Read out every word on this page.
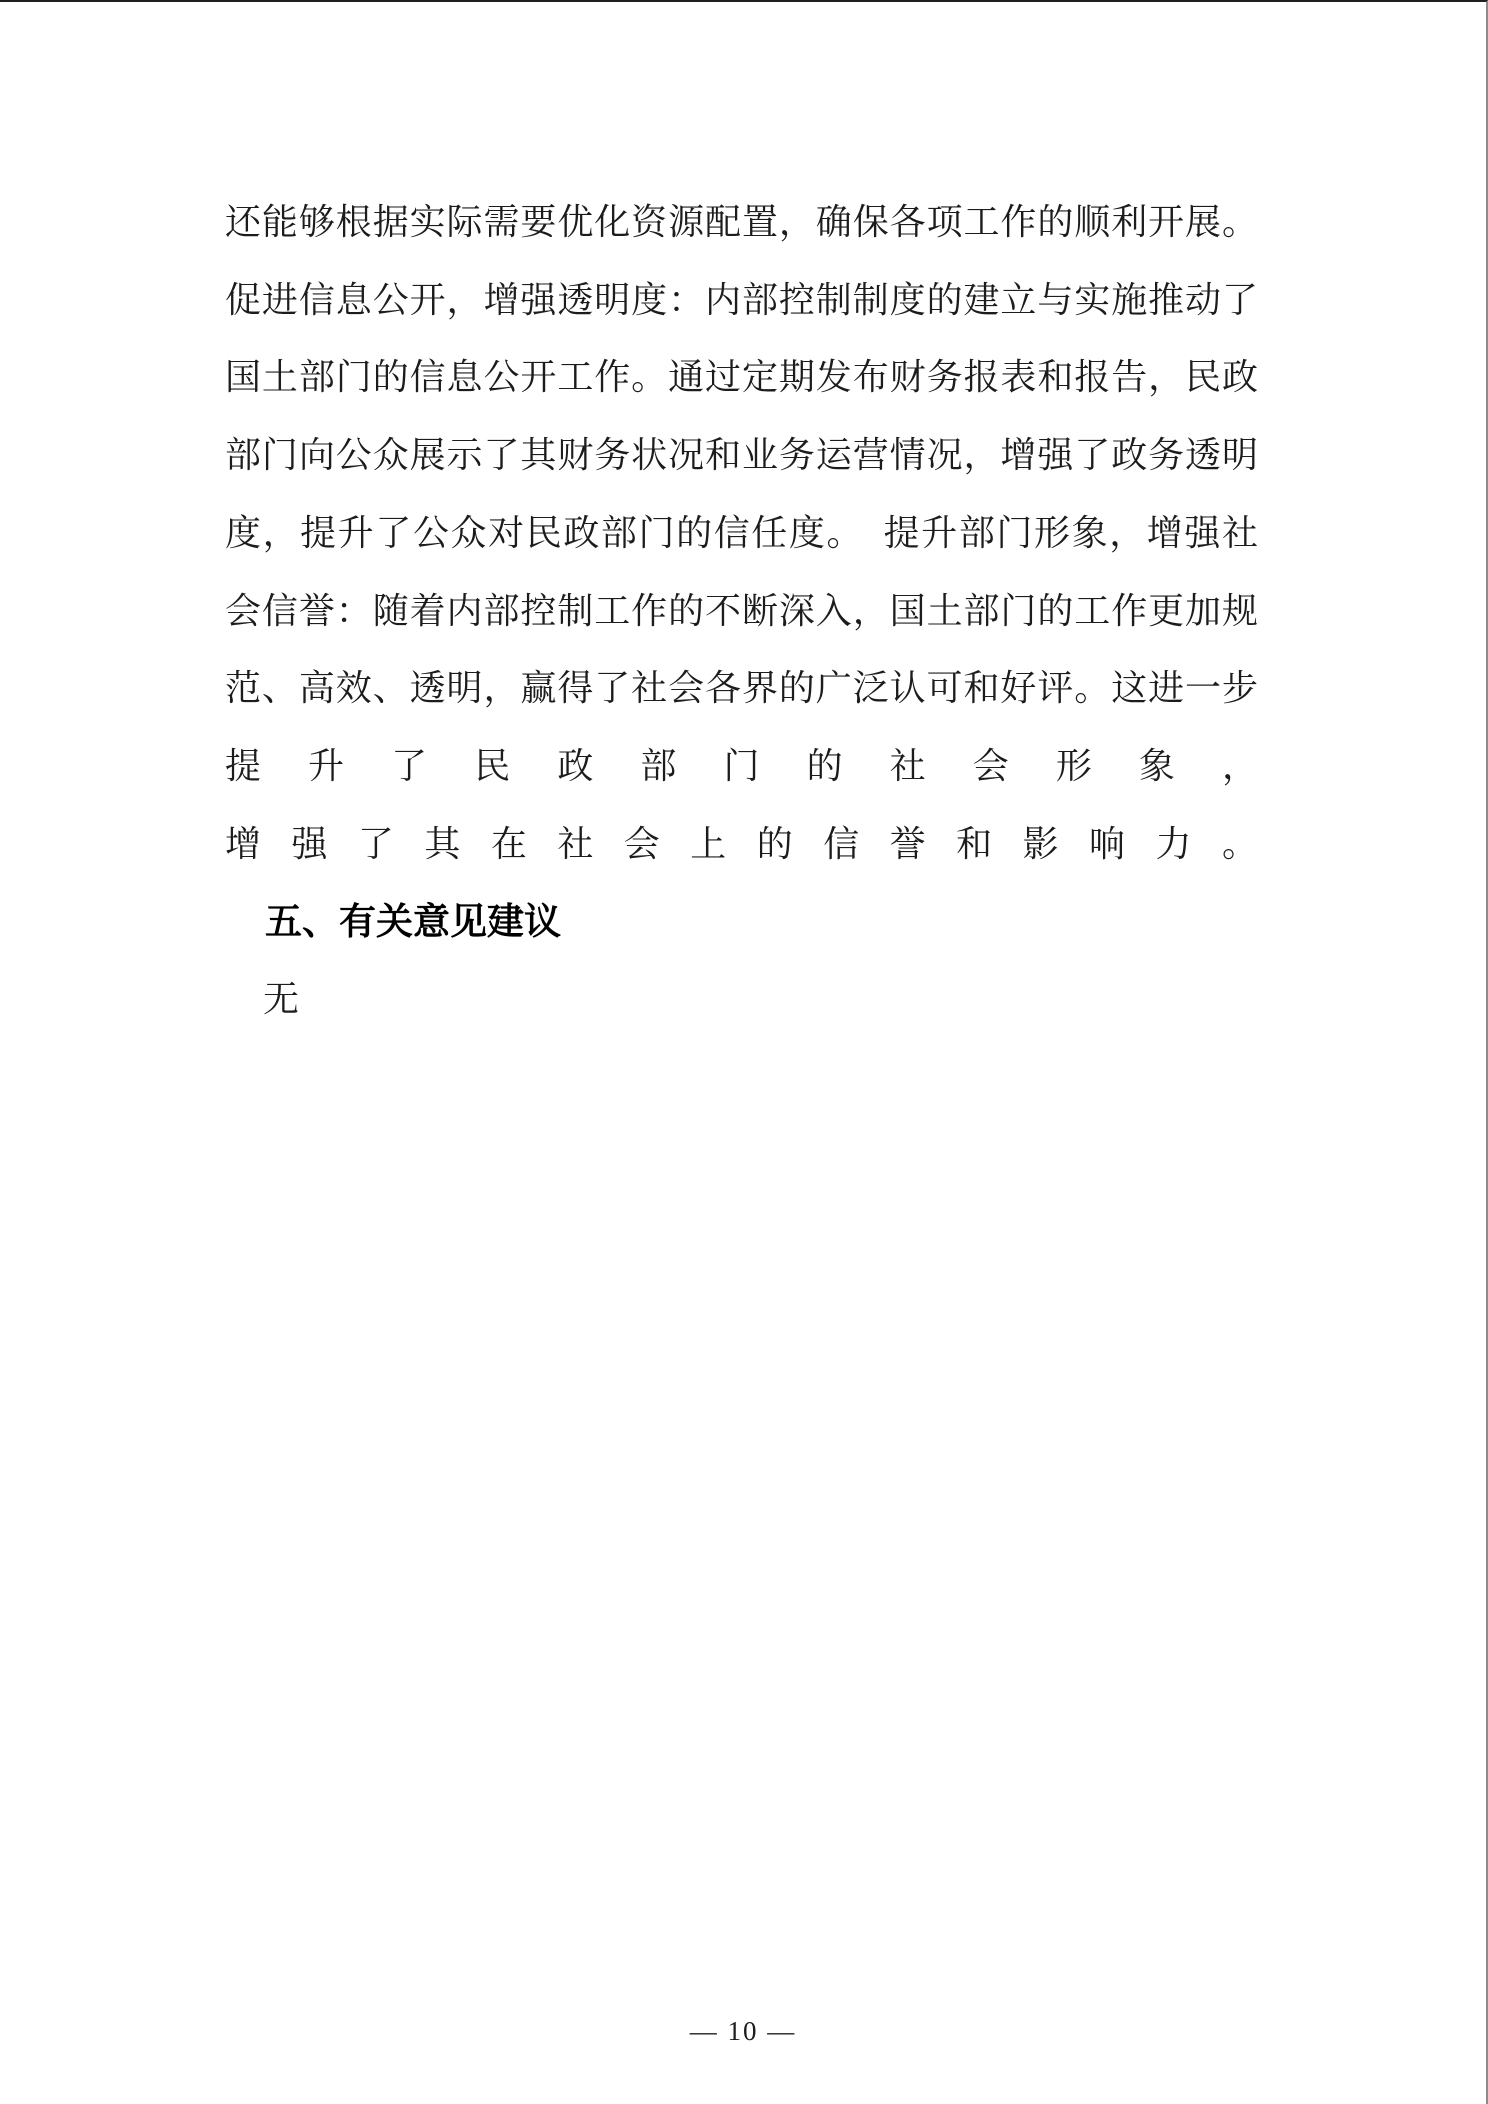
还能够根据实际需要优化资源配置，确保各项工作的顺利开展。

促进信息公开，增强透明度：内部控制制度的建立与实施推动了

国土部门的信息公开工作。通过定期发布财务报表和报告，民政

部门向公众展示了其财务状况和业务运营情况，增强了政务透明

度，提升了公众对民政部门的信任度。　提升部门形象，增强社

会信誉：随着内部控制工作的不断深入，国土部门的工作更加规

范、高效、透明，赢得了社会各界的广泛认可和好评。这进一步

提升了民政部门的社会形象，增强了其在社会上的信誉和影响力。

五、有关意见建议

无

— 10 —
